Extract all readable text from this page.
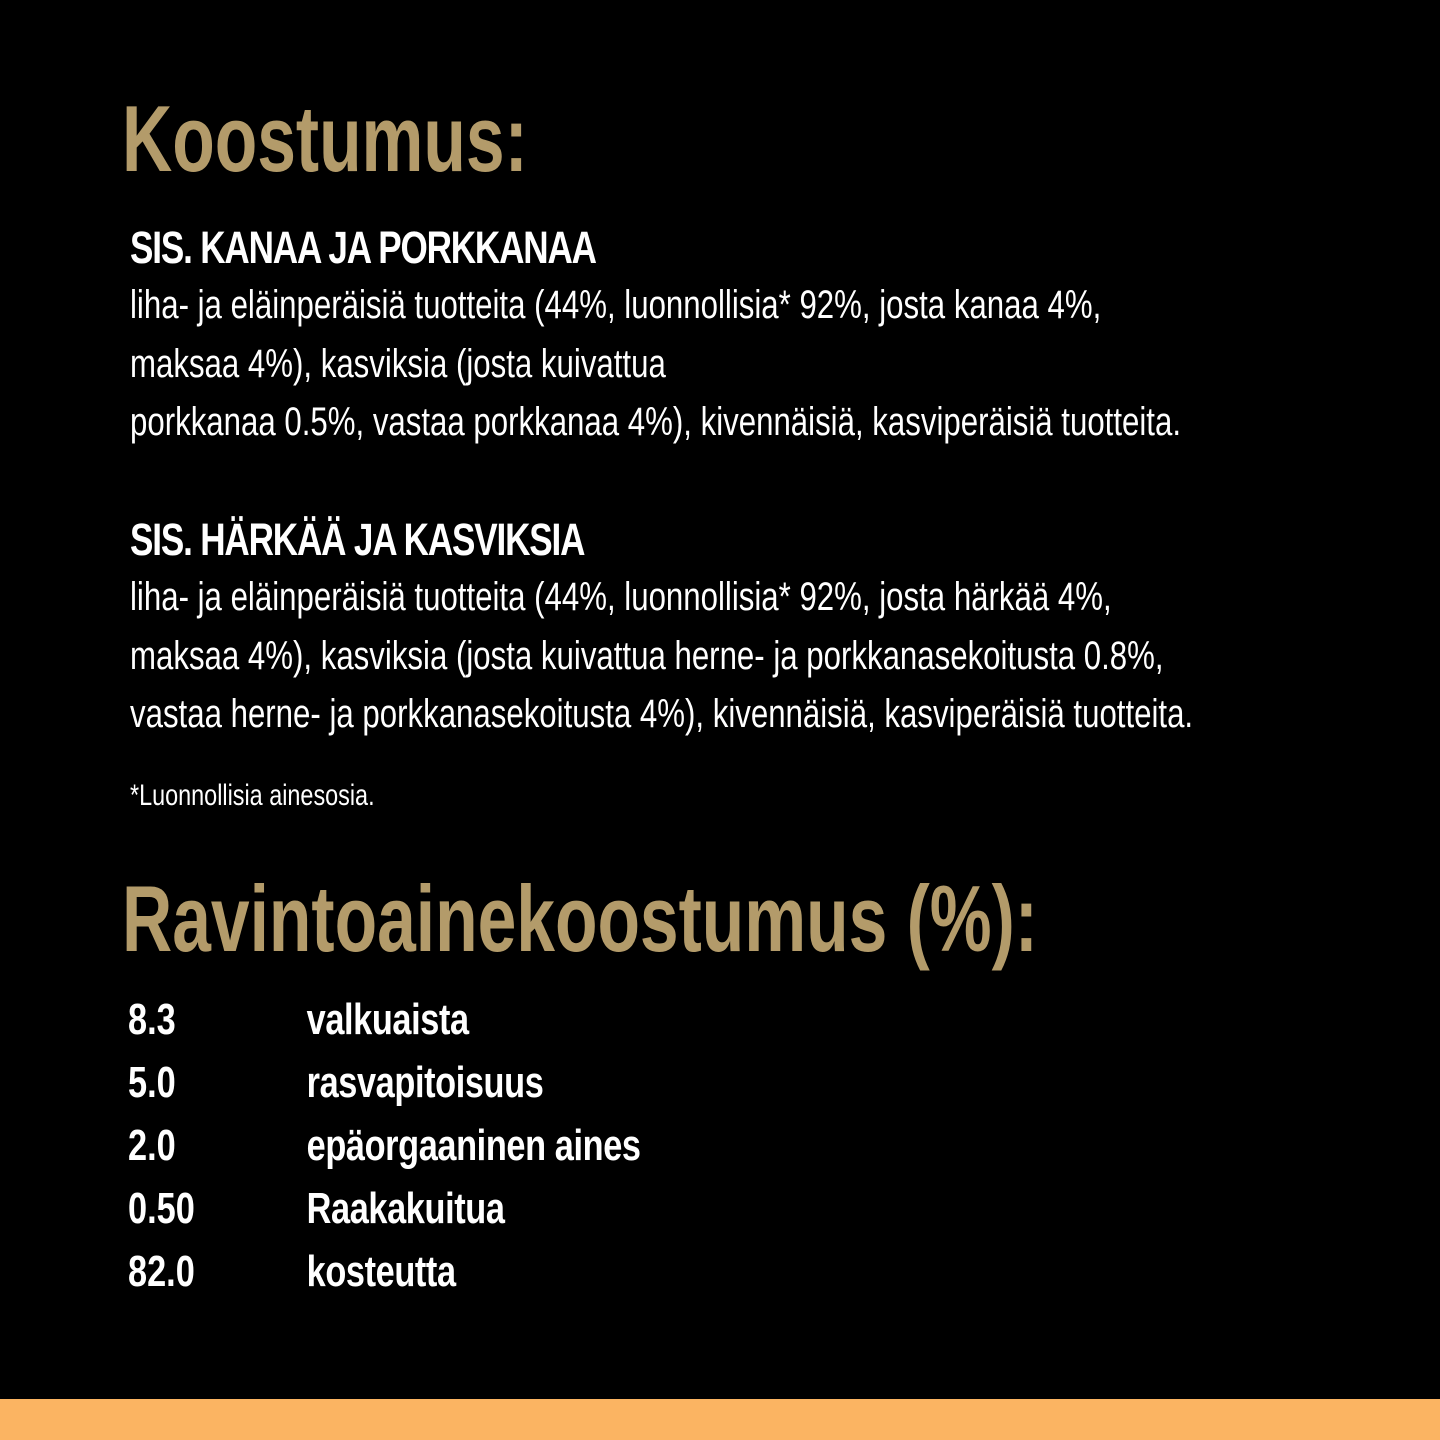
Koostumus:
SIS. KANAA JA PORKKANAA

liha- ja eläinperäisiä tuotteita (44%, luonnollisia* 92%, josta kanaa 4%,

maksaa 4%), kasviksia (josta kuivattua

porkkanaa 0.5%, vastaa porkkanaa 4%), kivennäisiä, kasviperäisiä tuotteita.

SIS. HÄRKÄÄ JA KASVIKSIA

liha- ja eläinperäisiä tuotteita (44%, luonnollisia* 92%, josta härkää 4%,

maksaa 4%), kasviksia (josta kuivattua herne- ja porkkanasekoitusta 0.8%,

vastaa herne- ja porkkanasekoitusta 4%), kivennäisiä, kasviperäisiä tuotteita.

*Luonnollisia ainesosia.

Ravintoainekoostumus (%):
8.3	valkuaista
5.0	rasvapitoisuus
2.0	epäorgaaninen aines
0.50	Raakakuitua
82.0	kosteutta
